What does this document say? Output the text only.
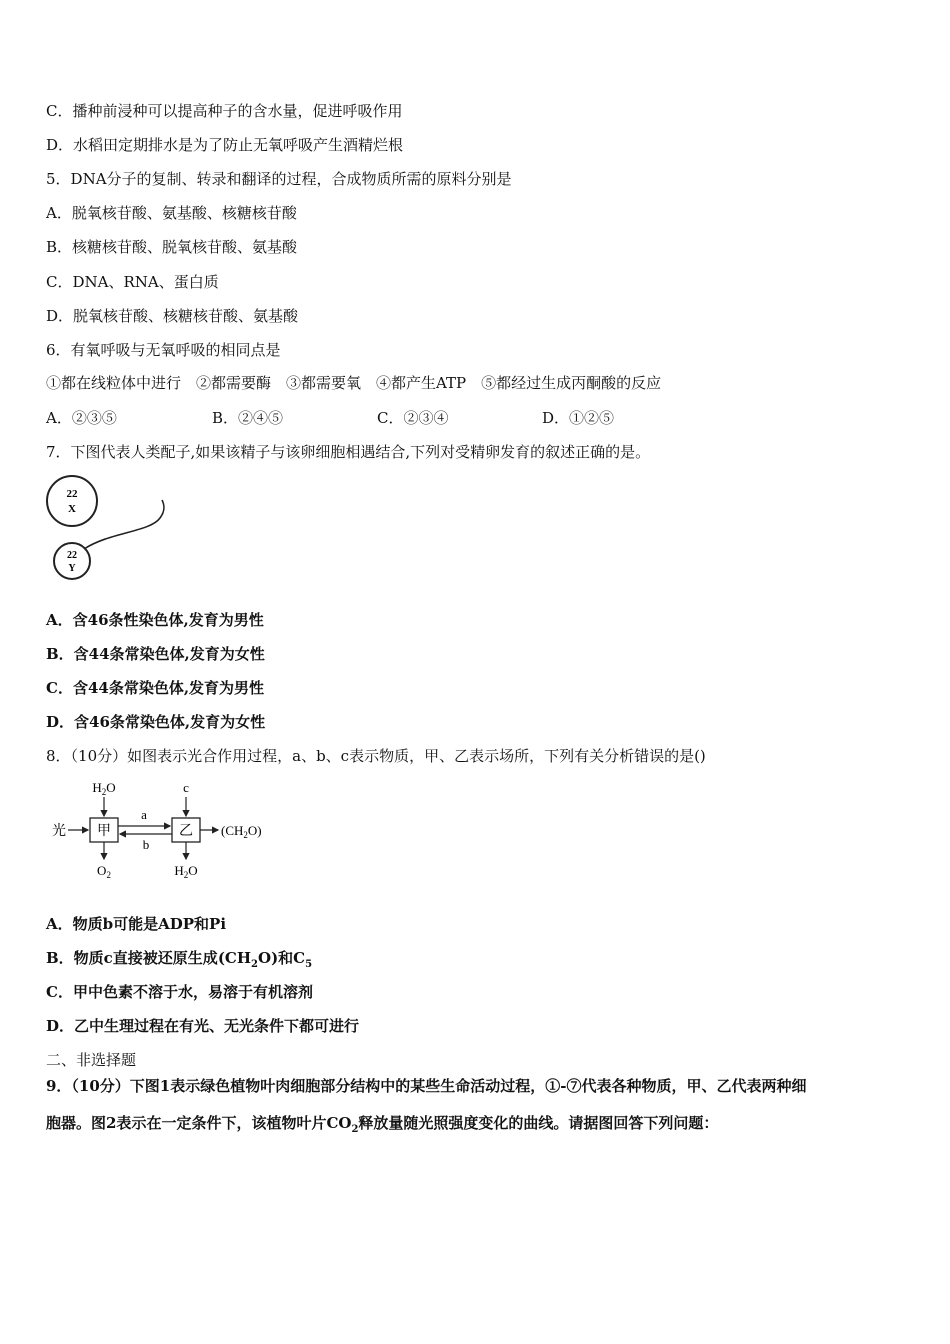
C．播种前浸种可以提高种子的含水量，促进呼吸作用
D．水稻田定期排水是为了防止无氧呼吸产生酒精烂根
5．DNA分子的复制、转录和翻译的过程，合成物质所需的原料分别是
A．脱氧核苷酸、氨基酸、核糖核苷酸
B．核糖核苷酸、脱氧核苷酸、氨基酸
C．DNA、RNA、蛋白质
D．脱氧核苷酸、核糖核苷酸、氨基酸
6．有氧呼吸与无氧呼吸的相同点是
①都在线粒体中进行　②都需要酶　③都需要氧　④都产生ATP　⑤都经过生成丙酮酸的反应
A．②③⑤	B．②④⑤	C．②③④	D．①②⑤
7．下图代表人类配子,如果该精子与该卵细胞相遇结合,下列对受精卵发育的叙述正确的是。
22
X
22
Y
A．含46条性染色体,发育为男性
B．含44条常染色体,发育为女性
C．含44条常染色体,发育为男性
D．含46条常染色体,发育为女性
8．（10分）如图表示光合作用过程，a、b、c表示物质，甲、乙表示场所，下列有关分析错误的是()
光 甲
$H_2O$
$O_2$
a
b
乙
c
$H_2O$
$(CH_2O)$
A．物质b可能是ADP和Pi
B．物质c直接被还原生成$(CH_2O)$和$C_5$
C．甲中色素不溶于水，易溶于有机溶剂
D．乙中生理过程在有光、无光条件下都可进行
二、非选择题
9．（10分）下图1表示绿色植物叶肉细胞部分结构中的某些生命活动过程，①-⑦代表各种物质，甲、乙代表两种细
胞器。图2表示在一定条件下，该植物叶片$CO_2$释放量随光照强度变化的曲线。请据图回答下列问题：
